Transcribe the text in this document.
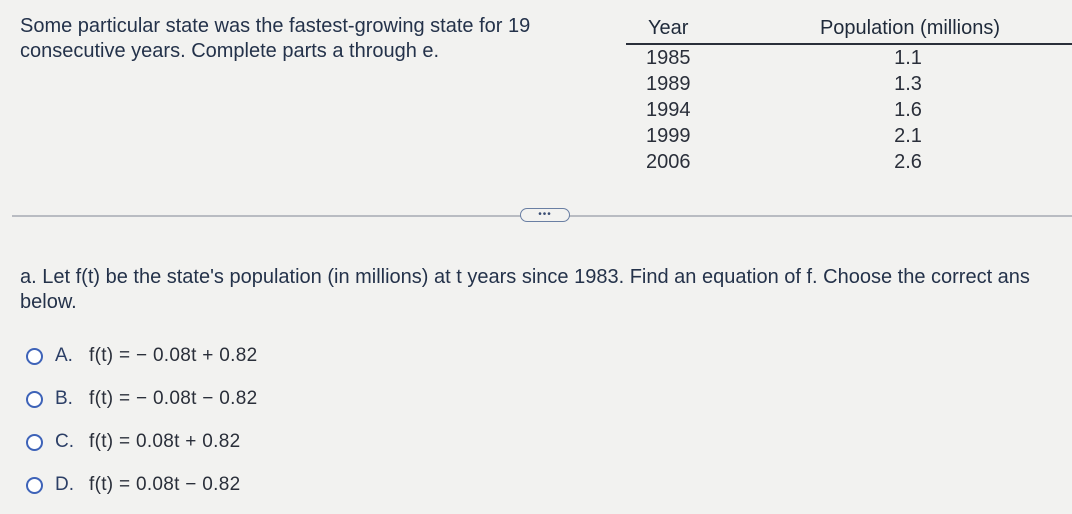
Some particular state was the fastest-growing state for 19
consecutive years. Complete parts a through e.
Year	Population (millions)
1985	1.1
1989	1.3
1994	1.6
1999	2.1
2006	2.6
•••
a. Let f(t) be the state's population (in millions) at t years since 1983. Find an equation of f. Choose the correct ans
below.
A. f(t) = − 0.08t + 0.82
B. f(t) = − 0.08t − 0.82
C. f(t) = 0.08t + 0.82
D. f(t) = 0.08t − 0.82
